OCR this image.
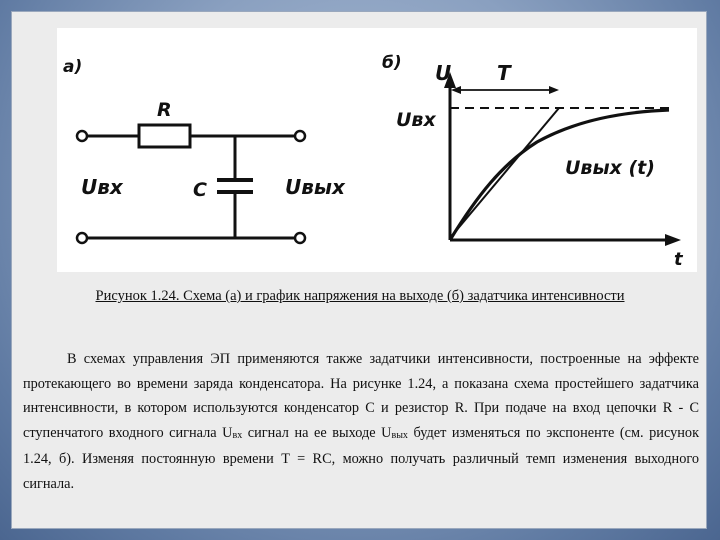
а)
R
C
Uвх	Uвых
б) U
t
T
Uвх
Uвых (t)
Рисунок 1.24. Схема (а) и график напряжения на выходе (б) задатчика интенсивности
В схемах управления ЭП применяются также задатчики интенсивности, построенные на эффекте протекающего во времени заряда конденсатора. На рисунке 1.24, а показана схема простейшего задатчика интенсивности, в котором используются конденсатор C и резистор R. При подаче на вход цепочки R - C ступенчатого входного сигнала Uвх сигнал на ее выходе Uвых будет изменяться по экспоненте (см. рисунок 1.24, б). Изменяя постоянную времени T = RC, можно получать различный темп изменения выходного сигнала.
